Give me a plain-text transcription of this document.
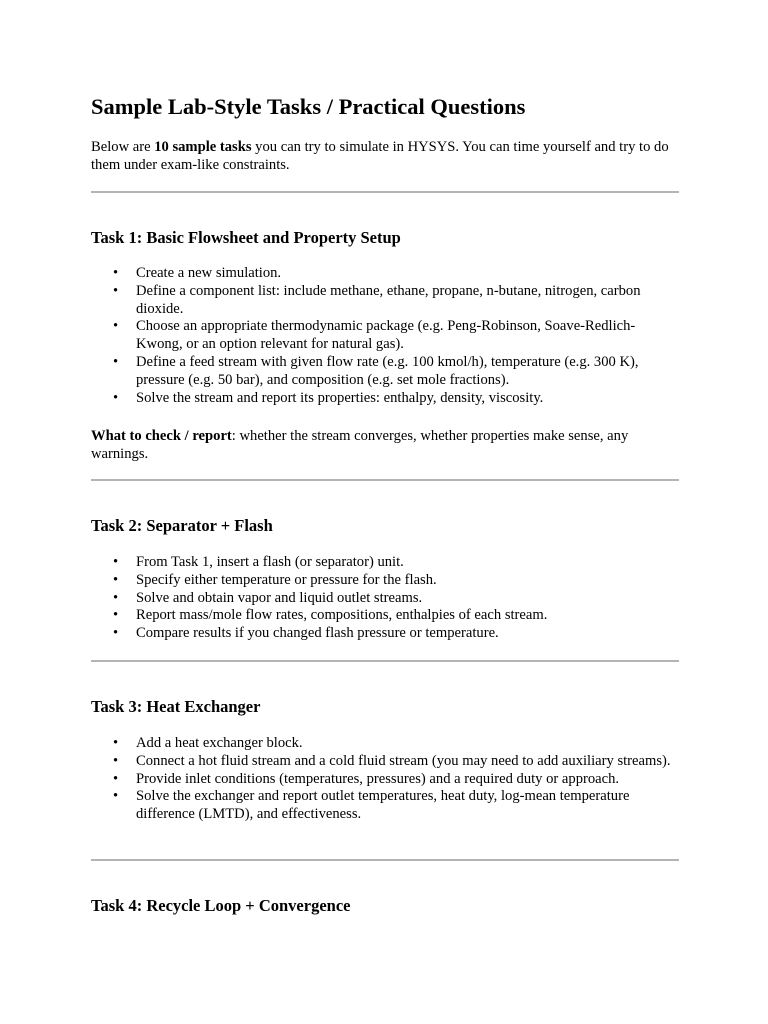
Sample Lab-Style Tasks / Practical Questions

Below are 10 sample tasks you can try to simulate in HYSYS. You can time yourself and try to do them under exam-like constraints.

Task 1: Basic Flowsheet and Property Setup
• Create a new simulation.
• Define a component list: include methane, ethane, propane, n-butane, nitrogen, carbon dioxide.
• Choose an appropriate thermodynamic package (e.g. Peng-Robinson, Soave-Redlich-Kwong, or an option relevant for natural gas).
• Define a feed stream with given flow rate (e.g. 100 kmol/h), temperature (e.g. 300 K), pressure (e.g. 50 bar), and composition (e.g. set mole fractions).
• Solve the stream and report its properties: enthalpy, density, viscosity.

What to check / report: whether the stream converges, whether properties make sense, any warnings.

Task 2: Separator + Flash
• From Task 1, insert a flash (or separator) unit.
• Specify either temperature or pressure for the flash.
• Solve and obtain vapor and liquid outlet streams.
• Report mass/mole flow rates, compositions, enthalpies of each stream.
• Compare results if you changed flash pressure or temperature.
Task 3: Heat Exchanger
• Add a heat exchanger block.
• Connect a hot fluid stream and a cold fluid stream (you may need to add auxiliary streams).
• Provide inlet conditions (temperatures, pressures) and a required duty or approach.
• Solve the exchanger and report outlet temperatures, heat duty, log-mean temperature difference (LMTD), and effectiveness.
Task 4: Recycle Loop + Convergence
